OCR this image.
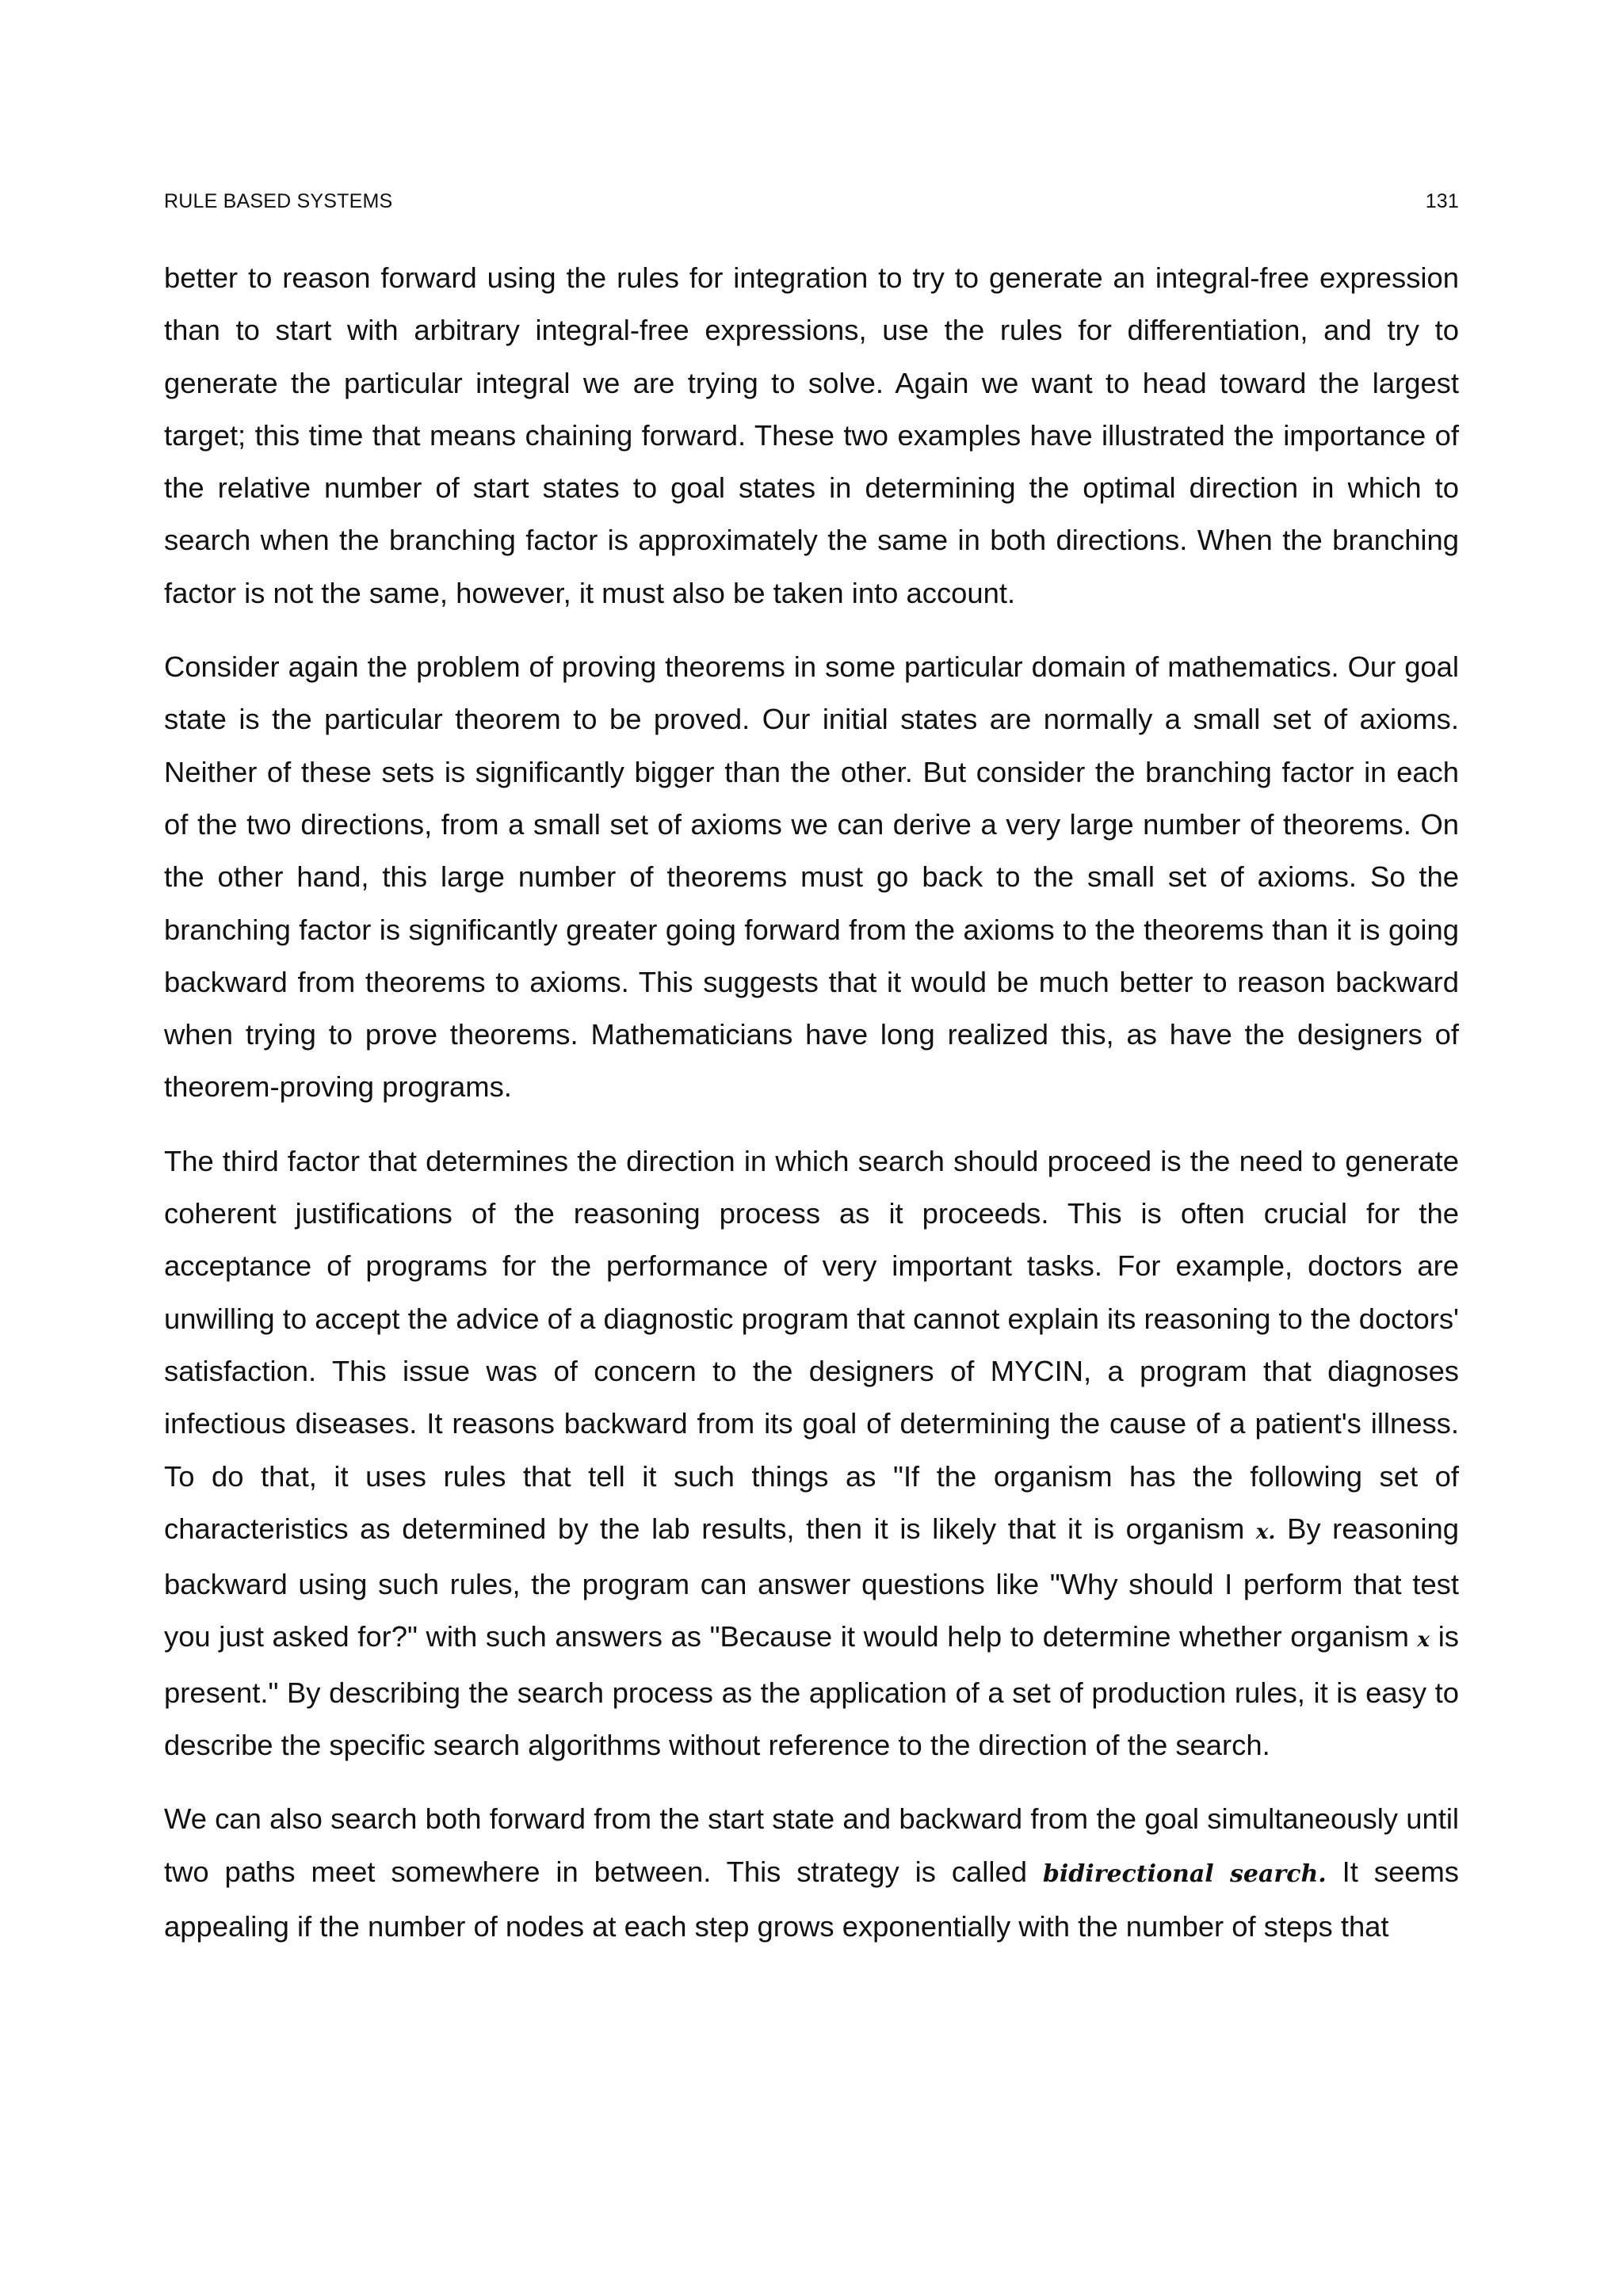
RULE BASED SYSTEMS	131

better to reason forward using the rules for integration to try to generate an integral-free expression than to start with arbitrary integral-free expressions, use the rules for differentiation, and try to generate the particular integral we are trying to solve. Again we want to head toward the largest target; this time that means chaining forward. These two examples have illustrated the importance of the relative number of start states to goal states in determining the optimal direction in which to search when the branching factor is approximately the same in both directions. When the branching factor is not the same, however, it must also be taken into account.

Consider again the problem of proving theorems in some particular domain of mathematics. Our goal state is the particular theorem to be proved. Our initial states are normally a small set of axioms. Neither of these sets is significantly bigger than the other. But consider the branching factor in each of the two directions, from a small set of axioms we can derive a very large number of theorems. On the other hand, this large number of theorems must go back to the small set of axioms. So the branching factor is significantly greater going forward from the axioms to the theorems than it is going backward from theorems to axioms. This suggests that it would be much better to reason backward when trying to prove theorems. Mathematicians have long realized this, as have the designers of theorem-proving programs.

The third factor that determines the direction in which search should proceed is the need to generate coherent justifications of the reasoning process as it proceeds. This is often crucial for the acceptance of programs for the performance of very important tasks. For example, doctors are unwilling to accept the advice of a diagnostic program that cannot explain its reasoning to the doctors' satisfaction. This issue was of concern to the designers of MYCIN, a program that diagnoses infectious diseases. It reasons backward from its goal of determining the cause of a patient's illness. To do that, it uses rules that tell it such things as "If the organism has the following set of characteristics as determined by the lab results, then it is likely that it is organism x. By reasoning backward using such rules, the program can answer questions like "Why should I perform that test you just asked for?" with such answers as "Because it would help to determine whether organism x is present." By describing the search process as the application of a set of production rules, it is easy to describe the specific search algorithms without reference to the direction of the search.

We can also search both forward from the start state and backward from the goal simultaneously until two paths meet somewhere in between. This strategy is called bidirectional search. It seems appealing if the number of nodes at each step grows exponentially with the number of steps that
